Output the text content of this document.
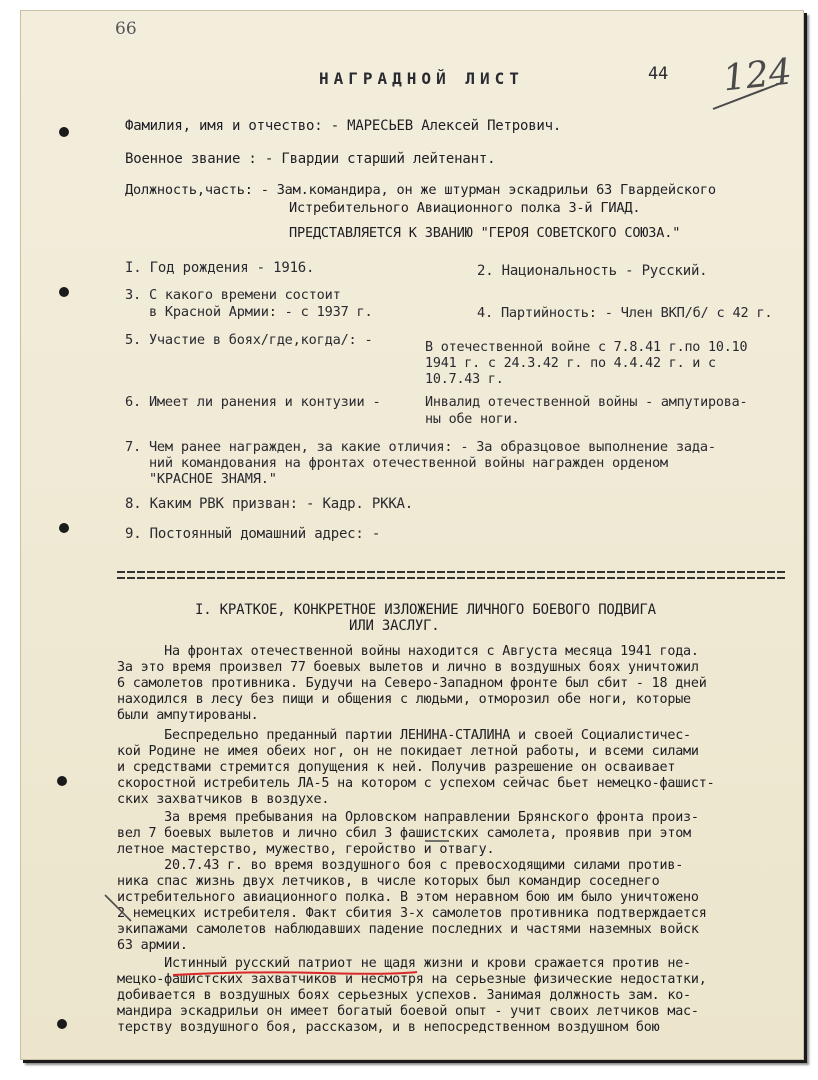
66
НАГРАДНОЙ ЛИСТ	44 124
Фамилия, имя и отчество: - МАРЕСЬЕВ Алексей Петрович.
Военное звание : - Гвардии старший лейтенант.
Должность,часть: - Зам.командира, он же штурман эскадрильи 63 Гвардейского
Истребительного Авиационного полка 3-й ГИАД.
ПРЕДСТАВЛЯЕТСЯ К ЗВАНИЮ "ГЕРОЯ СОВЕТСКОГО СОЮЗА."
I. Год рождения - 1916.	2. Национальность - Русский.
3. С какого времени состоит
в Красной Армии: - с 1937 г.	4. Партийность: - Член ВКП/б/ с 42 г.
5. Участие в боях/где,когда/: -	В отечественной войне с 7.8.41 г.по 10.10
1941 г. с 24.3.42 г. по 4.4.42 г. и с
10.7.43 г.
6. Имеет ли ранения и контузии -	Инвалид отечественной войны - ампутирова-
ны обе ноги.
7. Чем ранее награжден, за какие отличия: - За образцовое выполнение зада-
ний командования на фронтах отечественной войны награжден орденом
"КРАСНОЕ ЗНАМЯ."
8. Каким РВК призван: - Кадр. РККА.
9. Постоянный домашний адрес: -
I. КРАТКОЕ, КОНКРЕТНОЕ ИЗЛОЖЕНИЕ ЛИЧНОГО БОЕВОГО ПОДВИГА
ИЛИ ЗАСЛУГ.
На фронтах отечественной войны находится с Августа месяца 1941 года.
За это время произвел 77 боевых вылетов и лично в воздушных боях уничтожил
6 самолетов противника. Будучи на Северо-Западном фронте был сбит - 18 дней
находился в лесу без пищи и общения с людьми, отморозил обе ноги, которые
были ампутированы.
Беспредельно преданный партии ЛЕНИНА-СТАЛИНА и своей Социалистичес-
кой Родине не имея обеих ног, он не покидает летной работы, и всеми силами
и средствами стремится допущения к ней. Получив разрешение он осваивает
скоростной истребитель ЛА-5 на котором с успехом сейчас бьет немецко-фашист-
ских захватчиков в воздухе.
За время пребывания на Орловском направлении Брянского фронта произ-
вел 7 боевых вылетов и лично сбил 3 фашистских самолета, проявив при этом
летное мастерство, мужество, геройство и отвагу.
20.7.43 г. во время воздушного боя с превосходящими силами против-
ника спас жизнь двух летчиков, в числе которых был командир соседнего
истребительного авиационного полка. В этом неравном бою им было уничтожено
2 немецких истребителя. Факт сбития 3-х самолетов противника подтверждается
экипажами самолетов наблюдавших падение последних и частями наземных войск
63 армии.
Истинный русский патриот не щадя жизни и крови сражается против не-
мецко-фашистских захватчиков и несмотря на серьезные физические недостатки,
добивается в воздушных боях серьезных успехов. Занимая должность зам. ко-
мандира эскадрильи он имеет богатый боевой опыт - учит своих летчиков мас-
терству воздушного боя, рассказом, и в непосредственном воздушном бою
